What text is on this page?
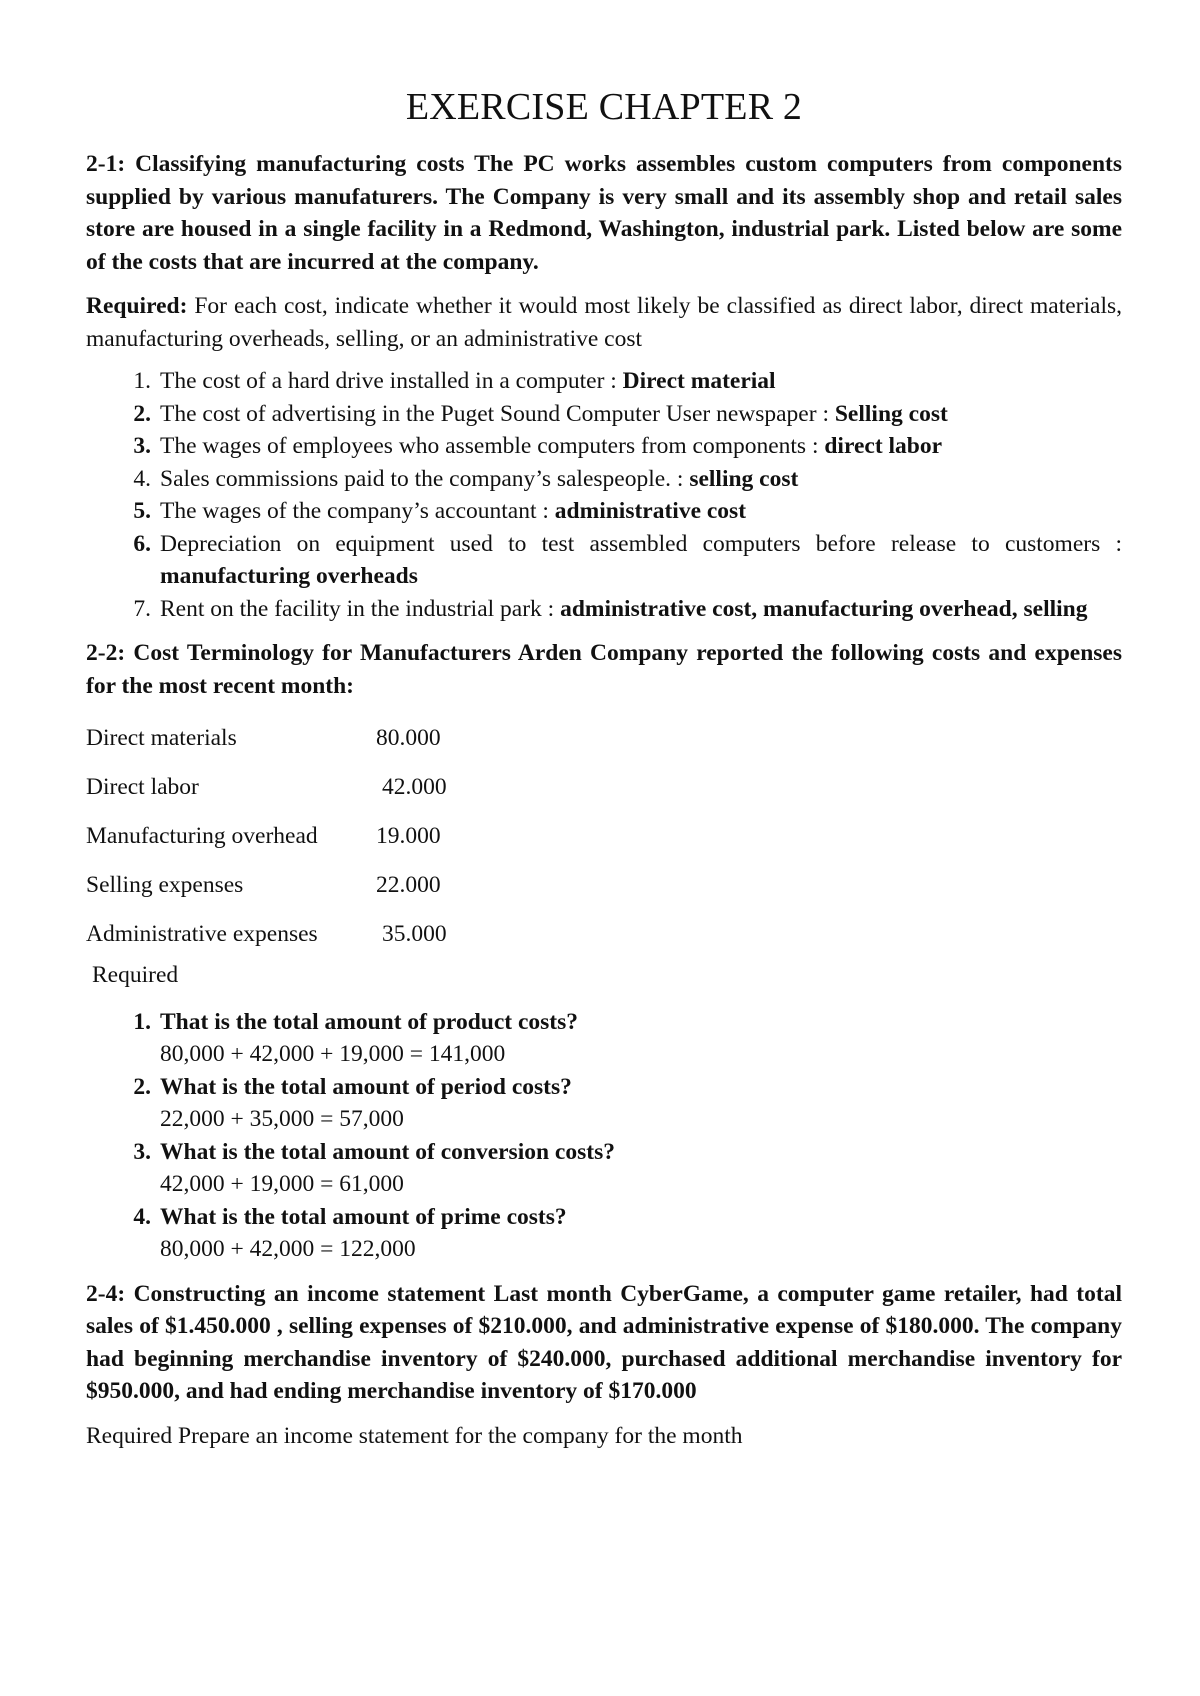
EXERCISE CHAPTER 2

2-1: Classifying manufacturing costs The PC works assembles custom computers from components supplied by various manufaturers. The Company is very small and its assembly shop and retail sales store are housed in a single facility in a Redmond, Washington, industrial park. Listed below are some of the costs that are incurred at the company.

Required: For each cost, indicate whether it would most likely be classified as direct labor, direct materials, manufacturing overheads, selling, or an administrative cost

1. The cost of a hard drive installed in a computer : Direct material
2. The cost of advertising in the Puget Sound Computer User newspaper : Selling cost
3. The wages of employees who assemble computers from components : direct labor
4. Sales commissions paid to the company’s salespeople. : selling cost
5. The wages of the company’s accountant : administrative cost
6. Depreciation on equipment used to test assembled computers before release to customers : manufacturing overheads
7. Rent on the facility in the industrial park : administrative cost, manufacturing overhead, selling

2-2: Cost Terminology for Manufacturers Arden Company reported the following costs and expenses for the most recent month:

Direct materials	80.000
Direct labor	42.000
Manufacturing overhead	19.000
Selling expenses	22.000
Administrative expenses	35.000

Required

1. That is the total amount of product costs?
80,000 + 42,000 + 19,000 = 141,000
2. What is the total amount of period costs?
22,000 + 35,000 = 57,000
3. What is the total amount of conversion costs?
42,000 + 19,000 = 61,000
4. What is the total amount of prime costs?
80,000 + 42,000 = 122,000

2-4: Constructing an income statement Last month CyberGame, a computer game retailer, had total sales of $1.450.000 , selling expenses of $210.000, and administrative expense of $180.000. The company had beginning merchandise inventory of $240.000, purchased additional merchandise inventory for $950.000, and had ending merchandise inventory of $170.000

Required Prepare an income statement for the company for the month
